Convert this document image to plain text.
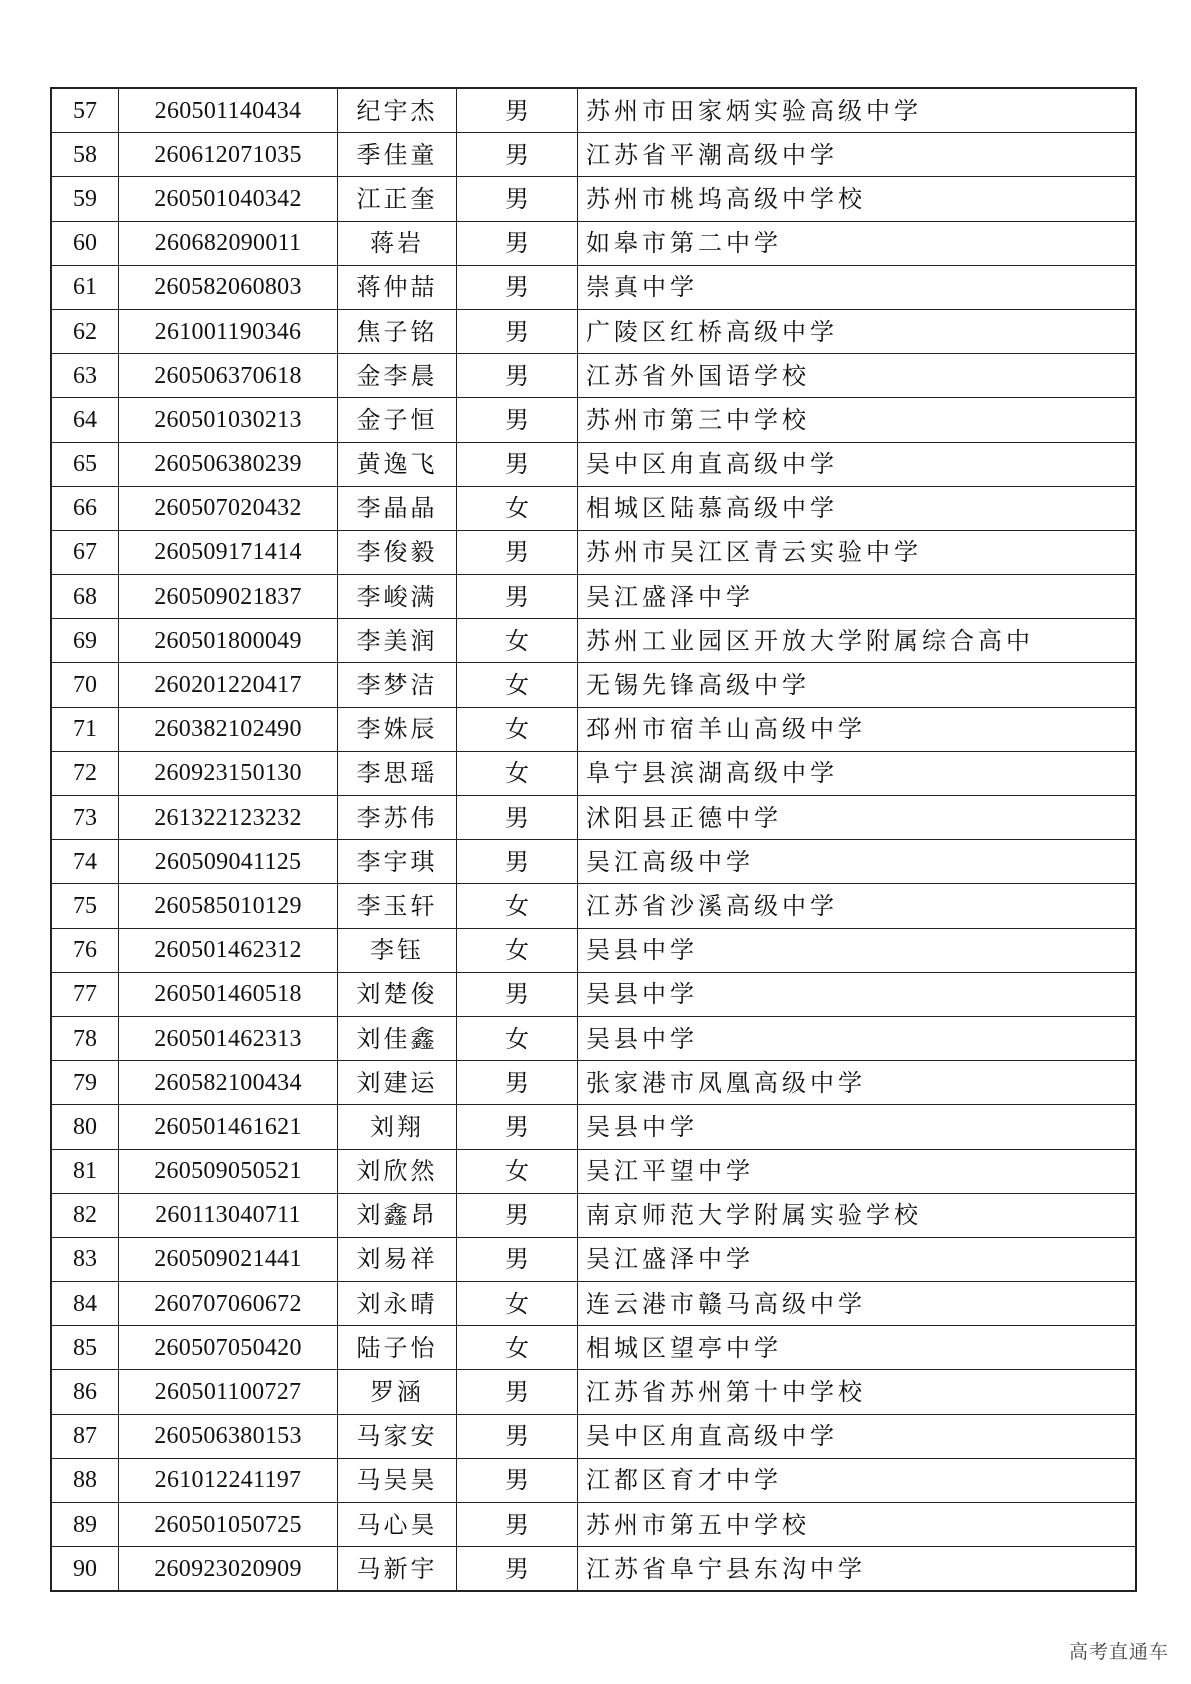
57	260501140434	纪宇杰	男	苏州市田家炳实验高级中学
58	260612071035	季佳童	男	江苏省平潮高级中学
59	260501040342	江正奎	男	苏州市桃坞高级中学校
60	260682090011	蒋岩	男	如皋市第二中学
61	260582060803	蒋仲喆	男	崇真中学
62	261001190346	焦子铭	男	广陵区红桥高级中学
63	260506370618	金李晨	男	江苏省外国语学校
64	260501030213	金子恒	男	苏州市第三中学校
65	260506380239	黄逸飞	男	吴中区甪直高级中学
66	260507020432	李晶晶	女	相城区陆慕高级中学
67	260509171414	李俊毅	男	苏州市吴江区青云实验中学
68	260509021837	李峻满	男	吴江盛泽中学
69	260501800049	李美润	女	苏州工业园区开放大学附属综合高中
70	260201220417	李梦洁	女	无锡先锋高级中学
71	260382102490	李姝辰	女	邳州市宿羊山高级中学
72	260923150130	李思瑶	女	阜宁县滨湖高级中学
73	261322123232	李苏伟	男	沭阳县正德中学
74	260509041125	李宇琪	男	吴江高级中学
75	260585010129	李玉轩	女	江苏省沙溪高级中学
76	260501462312	李钰	女	吴县中学
77	260501460518	刘楚俊	男	吴县中学
78	260501462313	刘佳鑫	女	吴县中学
79	260582100434	刘建运	男	张家港市凤凰高级中学
80	260501461621	刘翔	男	吴县中学
81	260509050521	刘欣然	女	吴江平望中学
82	260113040711	刘鑫昂	男	南京师范大学附属实验学校
83	260509021441	刘易祥	男	吴江盛泽中学
84	260707060672	刘永晴	女	连云港市赣马高级中学
85	260507050420	陆子怡	女	相城区望亭中学
86	260501100727	罗涵	男	江苏省苏州第十中学校
87	260506380153	马家安	男	吴中区甪直高级中学
88	261012241197	马吴昊	男	江都区育才中学
89	260501050725	马心昊	男	苏州市第五中学校
90	260923020909	马新宇	男	江苏省阜宁县东沟中学
高考直通车
